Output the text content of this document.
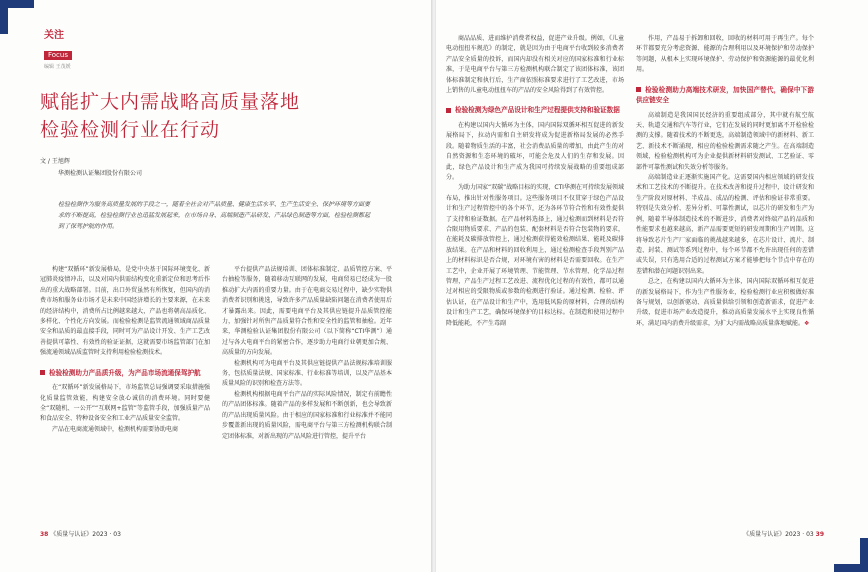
关注
Focus
编辑 王茂媛
赋能扩大内需战略高质量落地
检验检测行业在行动
文 / 王旭辉
华测检测认证集团股份有限公司
检验检测作为服务高质量发展的手段之一，随着全社会对产品质量、健康生活水平、生产生活安全、保护环境等方面要求的不断提高，检验检测行业也迅猛发展起来，在市场自身、高端制造产品研发、产品绿色制造等方面，检验检测都起到了保驾护航的作用。

构建“双循环”新发展格局，是党中央基于国际环境变化、新冠肺炎疫情冲击，以及对国内供需结构变化重新定位和思考后作出的重大战略部署。目前，出口外贸虽然有所恢复，但国内的消费市场和服务业市场才是未来中国经济增长的主要来源，在未来的经济结构中，消费所占比例越来越大，产品也将朝高品质化、多样化、个性化方向发展。而检验检测是监管流通领域商品质量安全和品质的最直接手段，同时可为产品设计开发、生产工艺改善提供可靠性、有效性的验证证据，这就需要市场监管部门在加强流通领域品质监管时支持利用检验检测技术。

检验检测助力产品质升级，为产品市场流通保驾护航

在“双循环”新发展格局下，市场监管总局强调要采取措施强化质量监管效能，构建安全放心诚信的消费环境。同时要健全“双随机、一公开”“互联网+监管”等监管手段，加强质量产品和食品安全、特种设备安全和工业产品质量安全监管。

产品在电商流通领域中，检测机构需要协助电商

平台提供产品法规培训、团体标准制定、品质管控方案、平台抽检等服务，随着移动互联网的发展，电商贸易已经成为一股推动扩大内需的重要力量。由于在电商交易过程中，缺少实物供消费者识别和挑选，导致许多产品质量缺陷问题在消费者使用后才暴露出来。因此，需要电商平台及其供应链提升品质管控能力，加强针对所售产品质量符合性和安全性的监管和抽检。近年来，华测检验认证集团股份有限公司（以下简称“CTI华测”）通过与各大电商平台的紧密合作，逐步助力电商行业朝更加合规、高质量的方向发展。

检测机构可为电商平台及其供应链提供产品法规标准培训服务，包括质量法规、国家标准、行业标准等培训，以及产品基本质量风险的识别和检查方法等。

检测机构根据电商平台产品的实际风险情况，制定有前瞻性的产品团体标准。随着产品的多样发展和不断创新，也会导致新的产品出现质量风险。由于相应的国家标准和行业标准并不能同步覆盖新出现的质量风险，需电商平台与第三方检测机构联合制定团体标准，对新出现的产品风险进行管控，提升平台

38 《质量与认证》2023 · 03

商品品质、进而维护消费者权益，促进产业升级。例如，《儿童电动扭扭车规范》的制定，就是因为由于电商平台收到较多消费者产品安全质量的投诉，而国内却没有相关对应的国家标准和行业标准，于是电商平台与第三方检测机构联合制定了该团体标准，该团体标准制定和执行后，生产商依照标准要求进行了工艺改进，市场上销售的儿童电动扭扭车的产品的安全风险得到了有效管控。

检验检测为绿色产品设计和生产过程提供支持和验证数据

在构建以国内大循环为主体，国内国际双循环相互促进的新发展格局下，拉动内需和自主研发将成为促进新格局发展的必然手段。随着物质生活的丰富，社会消费品质量的增加，由此产生的对自然资源和生态环境的破坏，可能会危及人们的生存和发展。因此，绿色产品设计和生产成为我国可持续发展战略的重要组成部分。

为助力国家“双碳”战略目标的实现，CTI华测在可持续发展领域布局，推出针对性服务项目。这些服务项目不仅贯穿于绿色产品设计和生产过程管控中的各个环节，还为各环节符合性和有效性提供了支持和验证数据。在产品材料选择上，通过检测而到材料是否符合限用物质要求、产品的包装、配套材料是否符合包装物的要求，在能耗及碳排放管控上，通过检测获得能效检测结果、能耗及碳排放结果。在产品和材料的回收利用上，通过检测检查手段判别产品上的材料标识是否合规，对环境有害的材料是否需要回收。在生产工艺中，企业开展了环境管理、节能管理、节水管理、化学品过程管理，产品生产过程工艺改进、流程优化过程的有效性，都可以通过对相应的受限物质或参数的检测进行验证。通过检测、检验、评估认证，在产品设计和生产中，选用低风险的原材料，合理的结构设计和生产工艺，确保环境保护的目标达标。在制造和使用过程中降低能耗，不产生毒副

作用，产品易于拆卸和回收，回收的材料可用于再生产。每个环节都要充分考虑资源、能源的合理利用以及环境保护和劳动保护等问题，从根本上实现环境保护、劳动保护和资源能源的最优化利用。

检验检测助力高端技术研发，加快国产替代，确保中下游供应链安全

高端制造是我国国民经济的重要组成部分，其中就有航空航天、轨道交通和汽车等行业，它们在发展的同时更加离不开检验检测的支撑。随着技术的不断更迭，高端制造领域中的新材料、新工艺、新技术不断涌现，相应的检验检测需求随之产生。在高端制造领域，检验检测机构可为企业提供新材料研发测试、工艺验证、零部件可靠性测试和失效分析等服务。

高端制造业正逐渐实施国产化。这需要国内相应领域的研发技术和工艺技术的不断提升。在技术改善和提升过程中，设计研发和生产阶段对原材料、半成品、成品的检测、评估和验证非常重要。特别是失效分析、差异分析、可靠性测试，以芯片的研发和生产为例，随着半导体制造技术的不断进步，消费者对终端产品的品质和性能要求也越来越高，新产品需要更短的研发周期和生产周期。这将导致芯片生产厂家面临的挑战越来越多，在芯片设计、流片、制造、封装、测试等系列过程中，每个环节都不允许出现任何的差错或失误，只有选用合适的过程测试方案才能够把每个节点中存在的差错和潜在问题识别出来。

总之，在构建以国内大循环为主体，国内国际双循环相互促进的新发展格局下，作为生产性服务业，检验检测行业应积极做好准备与规划，以创新驱动、高质量供给引领和创造新需求，促进产业升级，促进市场产业改造提升，推动高质量发展水平上实现良性循环，满足国内消费升级需求，为扩大内需战略高质量落地赋能。❖

《质量与认证》2023 · 03 39
